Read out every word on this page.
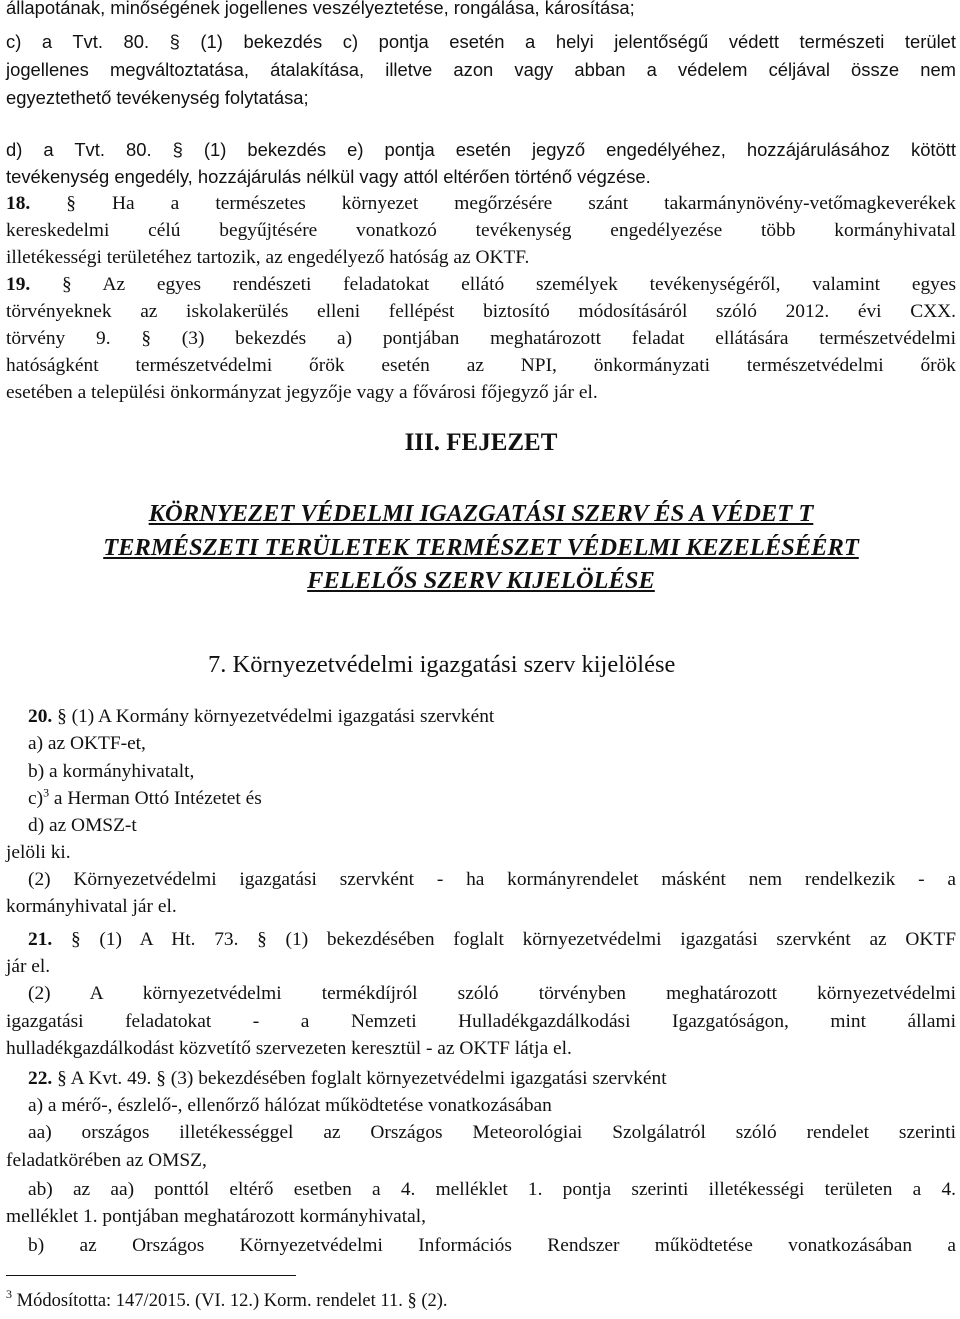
állapotának, minőségének jogellenes veszélyeztetése, rongálása, károsítása;
c) a Tvt. 80. § (1) bekezdés c) pontja esetén a helyi jelentőségű védett természeti terület
jogellenes megváltoztatása, átalakítása, illetve azon vagy abban a védelem céljával össze nem
egyeztethető tevékenység folytatása;
d) a Tvt. 80. § (1) bekezdés e) pontja esetén jegyző engedélyéhez, hozzájárulásához kötött
tevékenység engedély, hozzájárulás nélkül vagy attól eltérően történő végzése.
18. § Ha a természetes környezet megőrzésére szánt takarmánynövény-vetőmagkeverékek
kereskedelmi célú begyűjtésére vonatkozó tevékenység engedélyezése több kormányhivatal
illetékességi területéhez tartozik, az engedélyező hatóság az OKTF.
19. § Az egyes rendészeti feladatokat ellátó személyek tevékenységéről, valamint egyes
törvényeknek az iskolakerülés elleni fellépést biztosító módosításáról szóló 2012. évi CXX.
törvény 9. § (3) bekezdés a) pontjában meghatározott feladat ellátására természetvédelmi
hatóságként természetvédelmi őrök esetén az NPI, önkormányzati természetvédelmi őrök
esetében a települési önkormányzat jegyzője vagy a fővárosi főjegyző jár el.
III. FEJEZET
KÖRNYEZET VÉDELMI IGAZGATÁSI SZERV ÉS A VÉDET T
TERMÉSZETI TERÜLETEK TERMÉSZET VÉDELMI KEZELÉSÉÉRT
FELELŐS SZERV KIJELÖLÉSE
7. Környezetvédelmi igazgatási szerv kijelölése
20. § (1) A Kormány környezetvédelmi igazgatási szervként
a) az OKTF-et,
b) a kormányhivatalt,
c)$^3$ a Herman Ottó Intézetet és
d) az OMSZ-t
jelöli ki.
(2) Környezetvédelmi igazgatási szervként - ha kormányrendelet másként nem rendelkezik - a
kormányhivatal jár el.
21. § (1) A Ht. 73. § (1) bekezdésében foglalt környezetvédelmi igazgatási szervként az OKTF
jár el.
(2) A környezetvédelmi termékdíjról szóló törvényben meghatározott környezetvédelmi
igazgatási feladatokat - a Nemzeti Hulladékgazdálkodási Igazgatóságon, mint állami
hulladékgazdálkodást közvetítő szervezeten keresztül - az OKTF látja el.
22. § A Kvt. 49. § (3) bekezdésében foglalt környezetvédelmi igazgatási szervként
a) a mérő-, észlelő-, ellenőrző hálózat működtetése vonatkozásában
aa) országos illetékességgel az Országos Meteorológiai Szolgálatról szóló rendelet szerinti
feladatkörében az OMSZ,
ab) az aa) ponttól eltérő esetben a 4. melléklet 1. pontja szerinti illetékességi területen a 4.
melléklet 1. pontjában meghatározott kormányhivatal,
b) az Országos Környezetvédelmi Információs Rendszer működtetése vonatkozásában a
$^3$ Módosította: 147/2015. (VI. 12.) Korm. rendelet 11. § (2).
